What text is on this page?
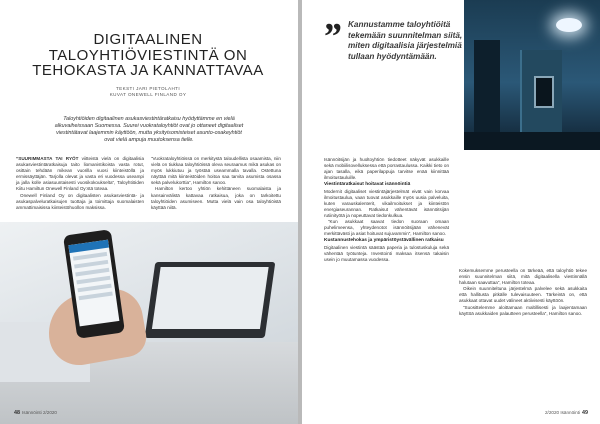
DIGITAALINEN TALOYHTIÖVIESTINTÄ ON TEHOKASTA JA KANNATTAVAA
TEKSTI JARI PIETOLAHTI
KUVAT ONEWELL FINLAND OY
Taloyhtiöiden digitaalinen asukasviestintäratkaisu hyödyttämme en vielä alkuvaiheissaan Suomessa. Suurei vuokrataloyhtiöt ovat jo ottaneet digitaaliset viestintätavat laajemmin käyttöön, mutta yksityisomisteiset asunto-osakeyhtiöt ovat vielä ampuja muutoksensa tielle.

”SUURIMMASTA TAI RYÖT viitteistä vielä on digitaalisia asukasviestintäratkaisuja taito liomanistikoista vasta rotut, osittain tehdään mikean vuorilla vuosi kiinteistöllä ja ermissäyttäjän. Tarjolla olevat ja vasta eri vuodessa useampi ja jalla kolle asiasuuntaisesti vuosikokoukselta”, Taloyhtiöiden Kiitu Hamiltun Onewell Finland Oy:stä toteaa.

Onewell Finland Oy on digitaalisten asukasviestintä- ja asukaspalveluratkaisujen tuottaja ja toimittaja suomalaisten ammattimaisissa kiinteistöhuollon maksissa.

”Vuokrataloyhtiöissä on merkitystä taloudellista osaamista, niin vielä on tiukkaa taloyhtiöissä oleva seuraamus mikä asukas on myös lukkiutuu ja työstää useammalla tavalla. Ostettuna näyttää mitä kiinteistöiden hoitoa saa tarvita asumista osassa sekä palvelukorttia”, Hamilton sanoo.

Hamilton kertoo yhtiön kehittäneen suomalaista ja kansainvälistä kattavaa ratkaisua, joka on tarkoitettu taloyhtiöiden asumiseen. Mutta vielä vain osa taloyhtiöistä käyttää niitä.

48 Isännöinti 2/2020
” Kannustamme taloyhtiöitä tekemään suunnitelman siitä, miten digitaalisia järjestelmiä tullaan hyödyntämään.

Isännöitsijän ja huoltoyhtiön tiedotteet näkyvät asukkaille sekä mobiilisovelluksessa että porrastaulussa. Kaikki tieto on ajan tasalla, eikä paperilappuja tarvitse enää kiinnittää ilmoitustauluille.

Viestintäratkaisut hoitavat isännöintiä

Modernit digitaaliset viestintäjärjestelmät eivät vain korvaa ilmoitustaulua, vaan tuovat asukkaille myös uusia palveluita, kuten varauskalenterit, vikailmoitukset ja kiinteistön energiaseurannan. Ratkaisut vähentävät isännöitsijän rutiinityötä ja nopeuttavat tiedonkulkua.

”Kun asukkaat saavat tiedon suoraan omaan puhelimeensa, yhteydenotot isännöitsijään vähenevät merkittävästi ja asiat hoituvat sujuvammin”, Hamilton sanoo.

Kustannustehokas ja ympäristöystävällinen ratkaisu

Digitaalinen viestintä säästää paperia ja tulostuskuluja sekä vähentää työtunteja. Investointi maksaa itsensä takaisin usein jo muutamassa vuodessa.

Kokemuksemme perusteella on tärkeää, että taloyhtiö tekee ensin suunnitelman siitä, mitä digitaalisella viestinnällä halutaan saavuttaa”, Hamilton toteaa.

Oikein suunniteltuna järjestelmä palvelee sekä asukkaita että hallitusta pitkälle tulevaisuuteen. Tärkeintä on, että asukkaat ottavat uudet välineet aktiivisesti käyttöön.

”Suosittelemme aloittamaan maltillisesti ja laajentamaan käyttöä asukkaiden palautteen perusteella”, Hamilton sanoo.

2/2020 Isännöinti 49
